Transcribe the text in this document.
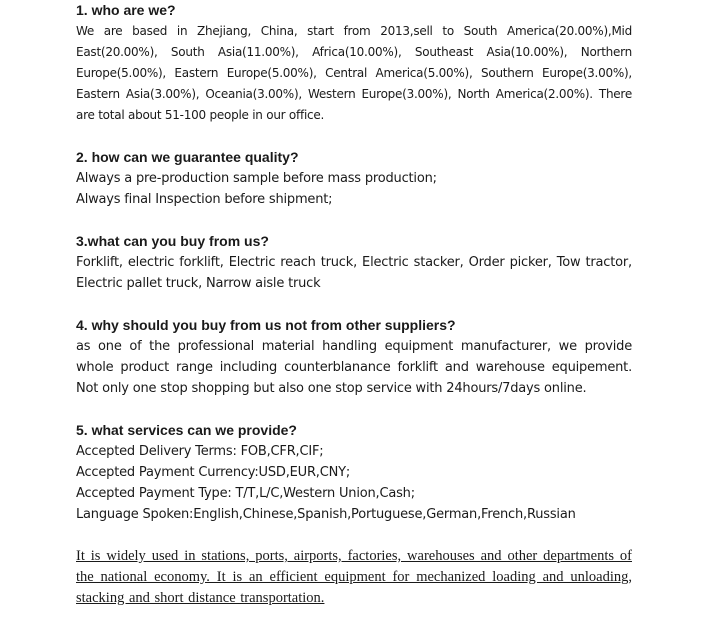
1. who are we?
We are based in Zhejiang, China, start from 2013,sell to South America(20.00%),Mid East(20.00%), South Asia(11.00%), Africa(10.00%), Southeast Asia(10.00%), Northern Europe(5.00%), Eastern Europe(5.00%), Central America(5.00%), Southern Europe(3.00%), Eastern Asia(3.00%), Oceania(3.00%), Western Europe(3.00%), North America(2.00%). There are total about 51-100 people in our office.
2. how can we guarantee quality?
Always a pre-production sample before mass production;
Always final Inspection before shipment;
3.what can you buy from us?
Forklift, electric forklift, Electric reach truck, Electric stacker, Order picker, Tow tractor, Electric pallet truck, Narrow aisle truck
4. why should you buy from us not from other suppliers?
as one of the professional material handling equipment manufacturer, we provide whole product range including counterblanance forklift and warehouse equipement. Not only one stop shopping but also one stop service with 24hours/7days online.
5. what services can we provide?
Accepted Delivery Terms: FOB,CFR,CIF;
Accepted Payment Currency:USD,EUR,CNY;
Accepted Payment Type: T/T,L/C,Western Union,Cash;
Language Spoken:English,Chinese,Spanish,Portuguese,German,French,Russian
It is widely used in stations, ports, airports, factories, warehouses and other departments of the national economy. It is an efficient equipment for mechanized loading and unloading, stacking and short distance transportation.
